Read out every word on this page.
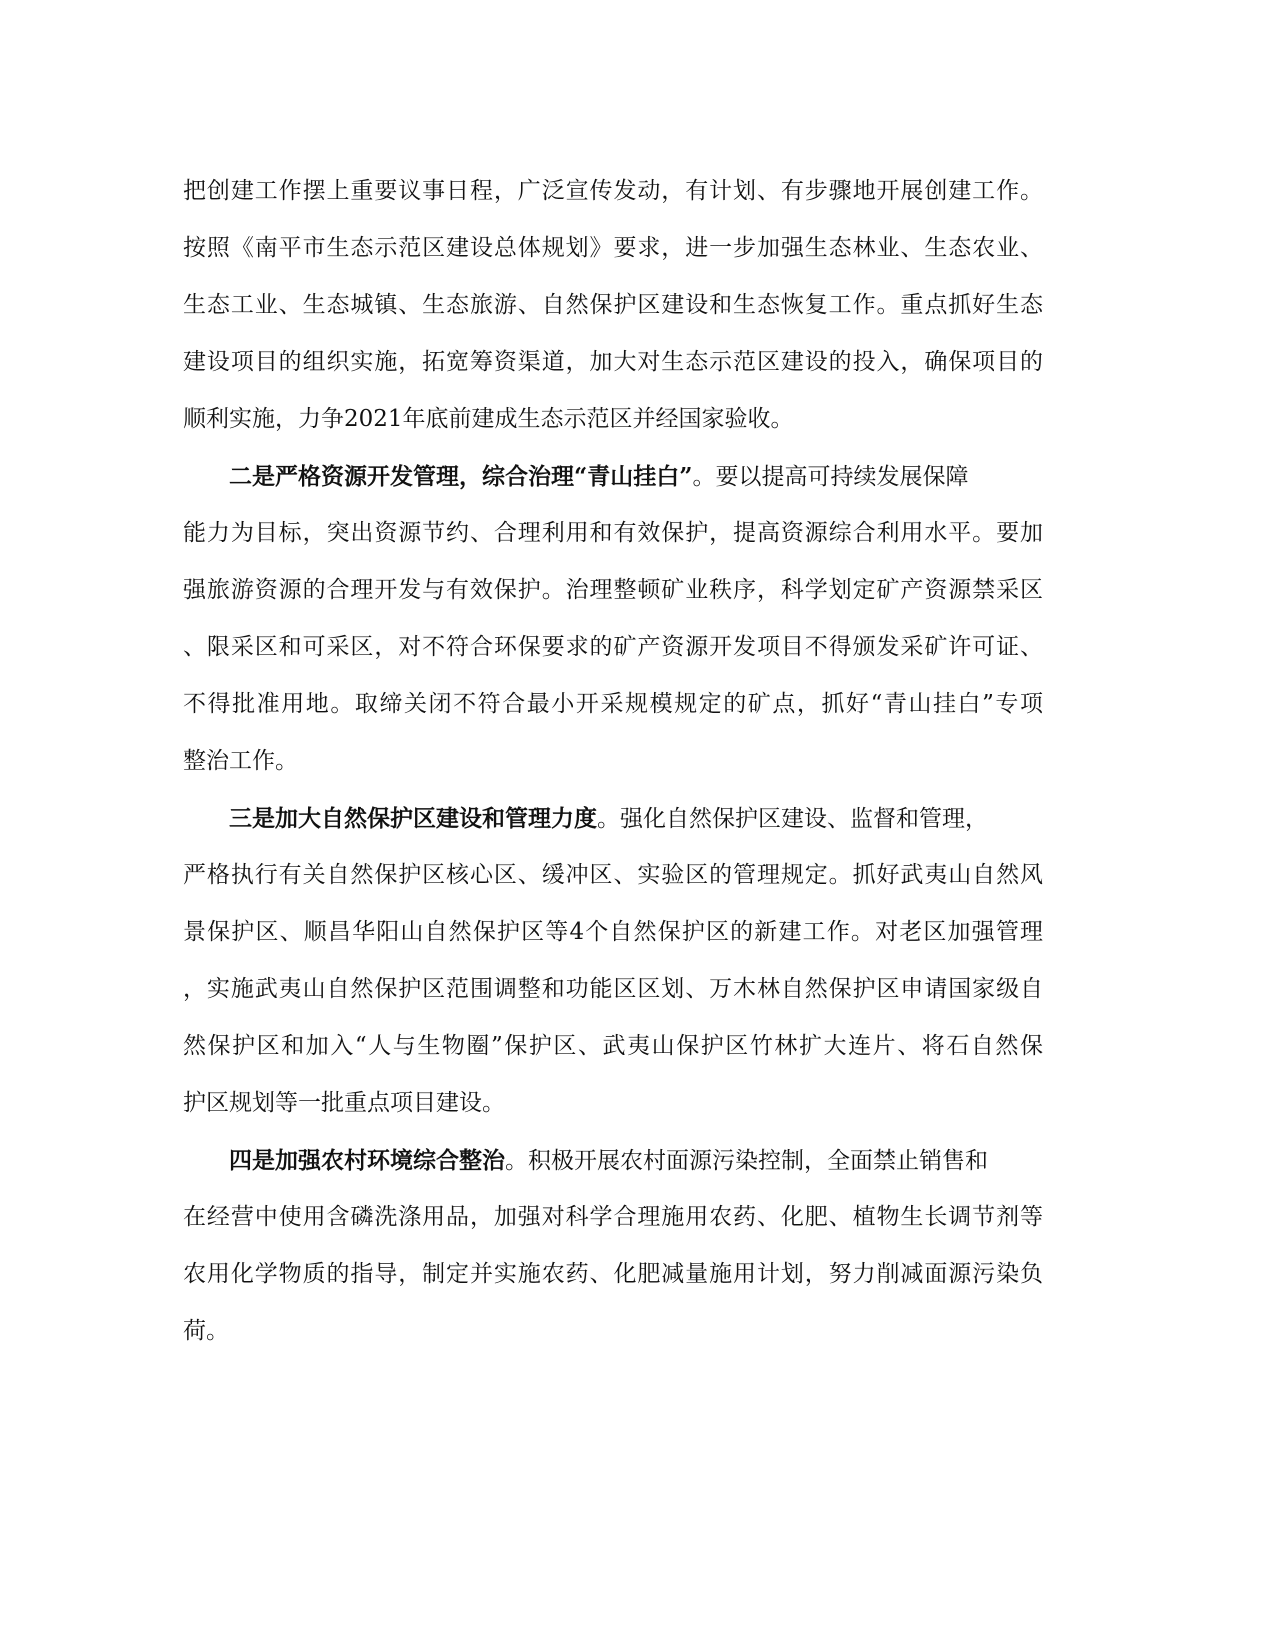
把创建工作摆上重要议事日程，广泛宣传发动，有计划、有步骤地开展创建工作。
按照《南平市生态示范区建设总体规划》要求，进一步加强生态林业、生态农业、
生态工业、生态城镇、生态旅游、自然保护区建设和生态恢复工作。重点抓好生态
建设项目的组织实施，拓宽筹资渠道，加大对生态示范区建设的投入，确保项目的
顺利实施，力争2021年底前建成生态示范区并经国家验收。
二是严格资源开发管理，综合治理“青山挂白”。要以提高可持续发展保障
能力为目标，突出资源节约、合理利用和有效保护，提高资源综合利用水平。要加
强旅游资源的合理开发与有效保护。治理整顿矿业秩序，科学划定矿产资源禁采区
、限采区和可采区，对不符合环保要求的矿产资源开发项目不得颁发采矿许可证、
不得批准用地。取缔关闭不符合最小开采规模规定的矿点，抓好“青山挂白”专项
整治工作。
三是加大自然保护区建设和管理力度。强化自然保护区建设、监督和管理，
严格执行有关自然保护区核心区、缓冲区、实验区的管理规定。抓好武夷山自然风
景保护区、顺昌华阳山自然保护区等4个自然保护区的新建工作。对老区加强管理
，实施武夷山自然保护区范围调整和功能区区划、万木林自然保护区申请国家级自
然保护区和加入“人与生物圈”保护区、武夷山保护区竹林扩大连片、将石自然保
护区规划等一批重点项目建设。
四是加强农村环境综合整治。积极开展农村面源污染控制，全面禁止销售和
在经营中使用含磷洗涤用品，加强对科学合理施用农药、化肥、植物生长调节剂等
农用化学物质的指导，制定并实施农药、化肥减量施用计划，努力削减面源污染负
荷。
